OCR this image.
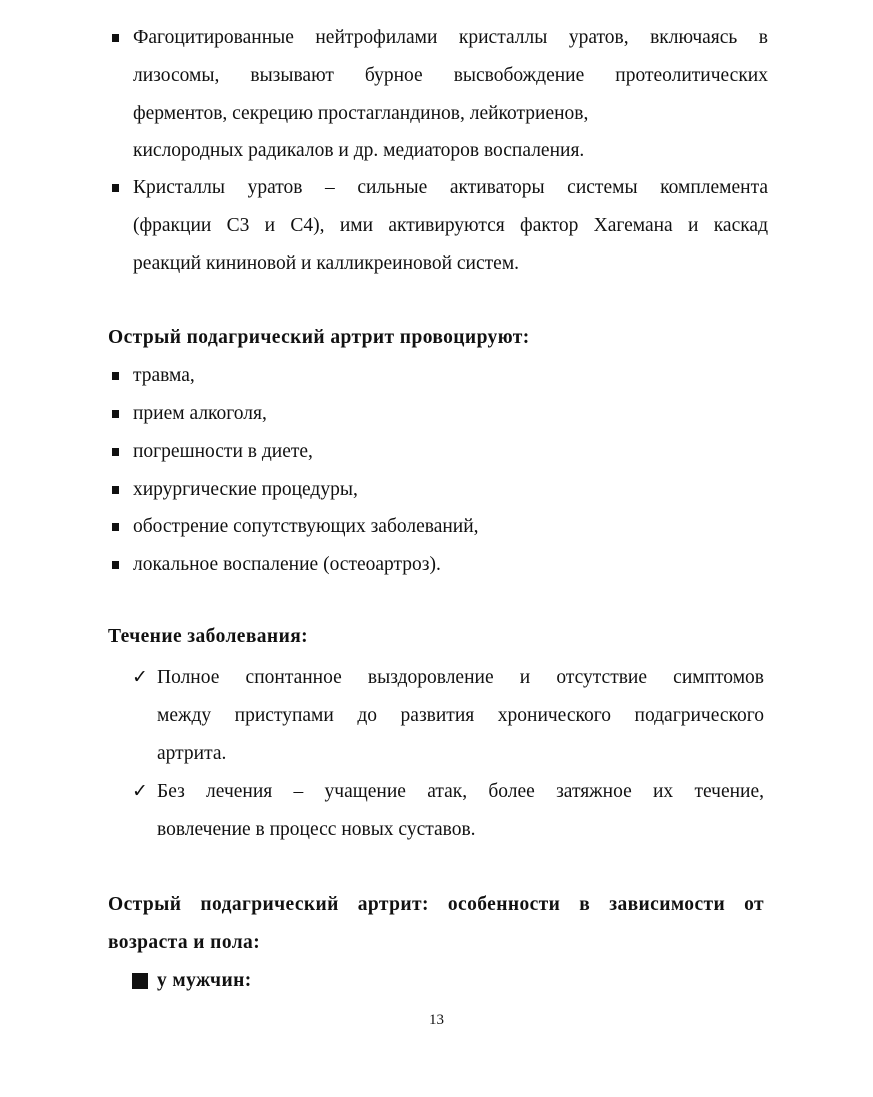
Фагоцитированные нейтрофилами кристаллы уратов, включаясь в
лизосомы, вызывают бурное высвобождение протеолитических
ферментов, секрецию простагландинов, лейкотриенов,
кислородных радикалов и др. медиаторов воспаления.
Кристаллы уратов – сильные активаторы системы комплемента
(фракции С3 и С4), ими активируются фактор Хагемана и каскад
реакций кининовой и калликреиновой систем.
Острый подагрический артрит провоцируют:
травма,
прием алкоголя,
погрешности в диете,
хирургические процедуры,
обострение сопутствующих заболеваний,
локальное воспаление (остеоартроз).
Течение заболевания:
✓ Полное спонтанное выздоровление и отсутствие симптомов
между приступами до развития хронического подагрического
артрита.
✓ Без лечения – учащение атак, более затяжное их течение,
вовлечение в процесс новых суставов.
Острый подагрический артрит: особенности в зависимости от
возраста и пола:
у мужчин:
13
